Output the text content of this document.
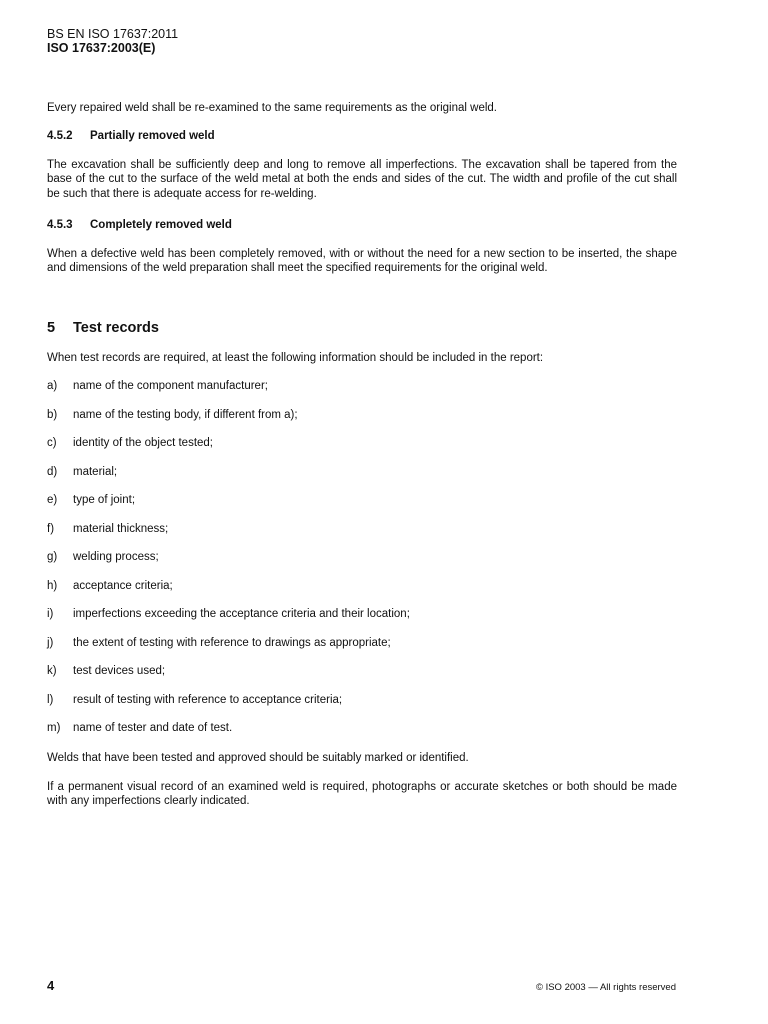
BS EN ISO 17637:2011
ISO 17637:2003(E)

Every repaired weld shall be re-examined to the same requirements as the original weld.

4.5.2 Partially removed weld

The excavation shall be sufficiently deep and long to remove all imperfections. The excavation shall be tapered from the base of the cut to the surface of the weld metal at both the ends and sides of the cut. The width and profile of the cut shall be such that there is adequate access for re-welding.

4.5.3 Completely removed weld

When a defective weld has been completely removed, with or without the need for a new section to be inserted, the shape and dimensions of the weld preparation shall meet the specified requirements for the original weld.

5 Test records

When test records are required, at least the following information should be included in the report:

a) name of the component manufacturer;
b) name of the testing body, if different from a);
c) identity of the object tested;
d) material;
e) type of joint;
f) material thickness;
g) welding process;
h) acceptance criteria;
i) imperfections exceeding the acceptance criteria and their location;
j) the extent of testing with reference to drawings as appropriate;
k) test devices used;
l) result of testing with reference to acceptance criteria;
m) name of tester and date of test.

Welds that have been tested and approved should be suitably marked or identified.

If a permanent visual record of an examined weld is required, photographs or accurate sketches or both should be made with any imperfections clearly indicated.

4	© ISO 2003 — All rights reserved
